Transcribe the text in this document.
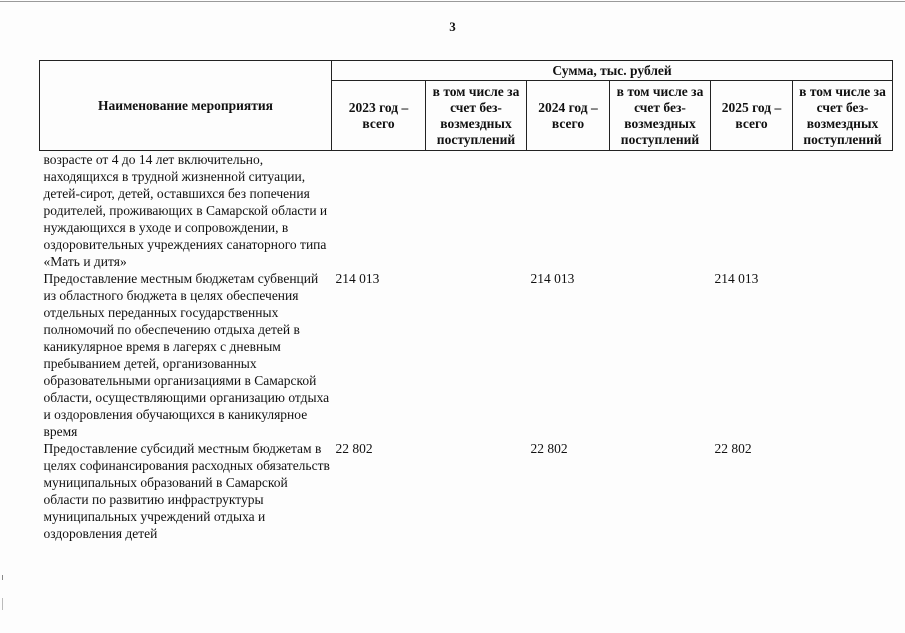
3
Наименование мероприятия	Сумма, тыс. рублей					
	2023 год – всего	в том числе за счет без-возмездных поступлений	2024 год – всего	в том числе за счет без-возмездных поступлений	2025 год – всего	в том числе за счет без-возмездных поступлений
возрасте от 4 до 14 лет включительно, находящихся в трудной жизненной ситуации, детей-сирот, детей, оставшихся без попечения родителей, проживающих в Самарской области и нуждающихся в уходе и сопровождении, в оздоровительных учреждениях санаторного типа «Мать и дитя»						
Предоставление местным бюджетам субвенций из областного бюджета в целях обеспечения отдельных переданных государственных полномочий по обеспечению отдыха детей в каникулярное время в лагерях с дневным пребыванием детей, организованных образовательными организациями в Самарской области, осуществляющими организацию отдыха и оздоровления обучающихся в каникулярное время	214 013		214 013		214 013	
Предоставление субсидий местным бюджетам в целях софинансирования расходных обязательств муниципальных образований в Самарской области по развитию инфраструктуры муниципальных учреждений отдыха и оздоровления детей	22 802		22 802		22 802	
